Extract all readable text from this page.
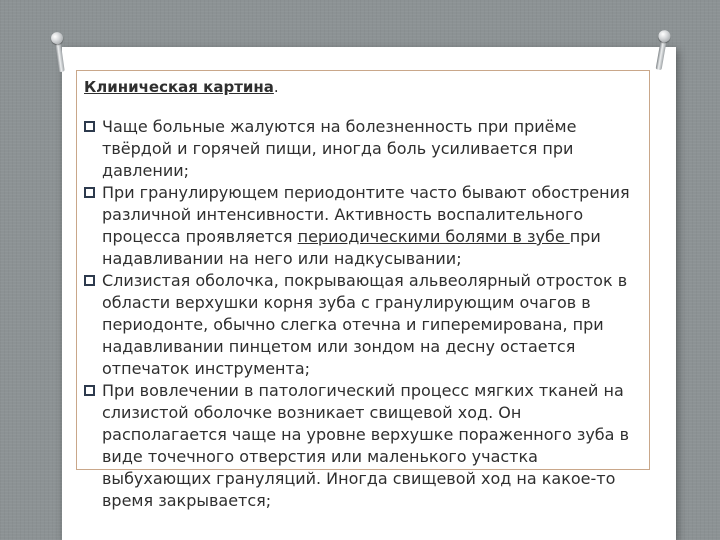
Клиническая картина.

Чаще больные жалуются на болезненность при приёме твёрдой и горячей пищи, иногда боль усиливается при давлении;

При гранулирующем периодонтите часто бывают обострения различной интенсивности. Активность воспалительного процесса проявляется периодическими болями в зубе при надавливании на него или надкусывании;

Слизистая оболочка, покрывающая альвеолярный отросток в области верхушки корня зуба с гранулирующим очагов в периодонте, обычно слегка отечна и гиперемирована, при надавливании пинцетом или зондом на десну остается отпечаток инструмента;

При вовлечении в патологический процесс мягких тканей на слизистой оболочке возникает свищевой ход. Он располагается чаще на уровне верхушке пораженного зуба в виде точечного отверстия или маленького участка выбухающих грануляций. Иногда свищевой ход на какое-то время закрывается;
